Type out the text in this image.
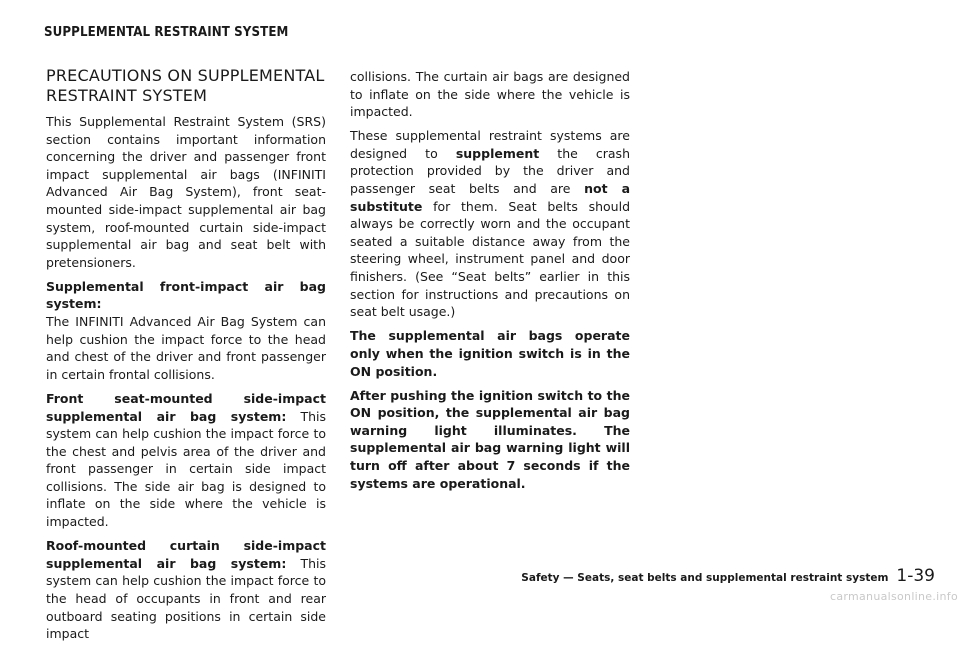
SUPPLEMENTAL RESTRAINT SYSTEM
PRECAUTIONS ON SUPPLEMENTAL
RESTRAINT SYSTEM

This Supplemental Restraint System (SRS) section contains important information concerning the driver and passenger front impact supplemental air bags (INFINITI Advanced Air Bag System), front seat-mounted side-impact supplemental air bag system, roof-mounted curtain side-impact supplemental air bag and seat belt with pretensioners.

Supplemental front-impact air bag system:
The INFINITI Advanced Air Bag System can help cushion the impact force to the head and chest of the driver and front passenger in certain frontal collisions.

Front seat-mounted side-impact supplemental air bag system: This system can help cushion the impact force to the chest and pelvis area of the driver and front passenger in certain side impact collisions. The side air bag is designed to inflate on the side where the vehicle is impacted.

Roof-mounted curtain side-impact supplemental air bag system: This system can help cushion the impact force to the head of occupants in front and rear outboard seating positions in certain side impact

collisions. The curtain air bags are designed to inflate on the side where the vehicle is impacted.

These supplemental restraint systems are designed to supplement the crash protection provided by the driver and passenger seat belts and are not a substitute for them. Seat belts should always be correctly worn and the occupant seated a suitable distance away from the steering wheel, instrument panel and door finishers. (See “Seat belts” earlier in this section for instructions and precautions on seat belt usage.)

The supplemental air bags operate only when the ignition switch is in the ON position.

After pushing the ignition switch to the ON position, the supplemental air bag warning light illuminates. The supplemental air bag warning light will turn off after about 7 seconds if the systems are operational.

Safety — Seats, seat belts and supplemental restraint system 1-39
carmanualsonline.info
